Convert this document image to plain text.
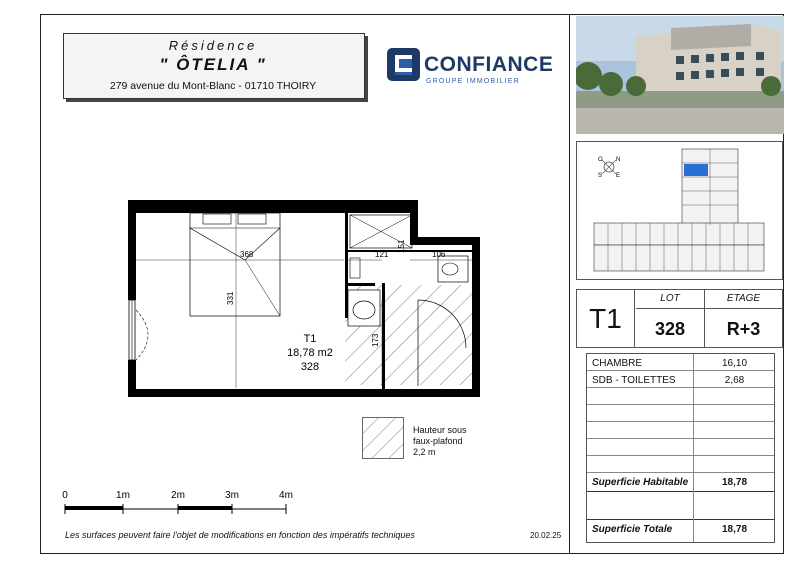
Résidence
" ÔTELIA "
279 avenue du Mont-Blanc - 01710 THOIRY
CONFIANCE
GROUPE IMMOBILIER
368
331
121
151
106
173
T1
18,78 m2
328
Hauteur sous
faux-plafond
2,2 m
0	1m	2m	3m	4m
Les surfaces peuvent faire l'objet de modifications en fonction des impératifs techniques	20.02.25
O N
S E
T1
LOT	ETAGE
328	R+3
CHAMBRE	16,10
SDB - TOILETTES	2,68
Superficie Habitable	18,78
Superficie Totale	18,78
